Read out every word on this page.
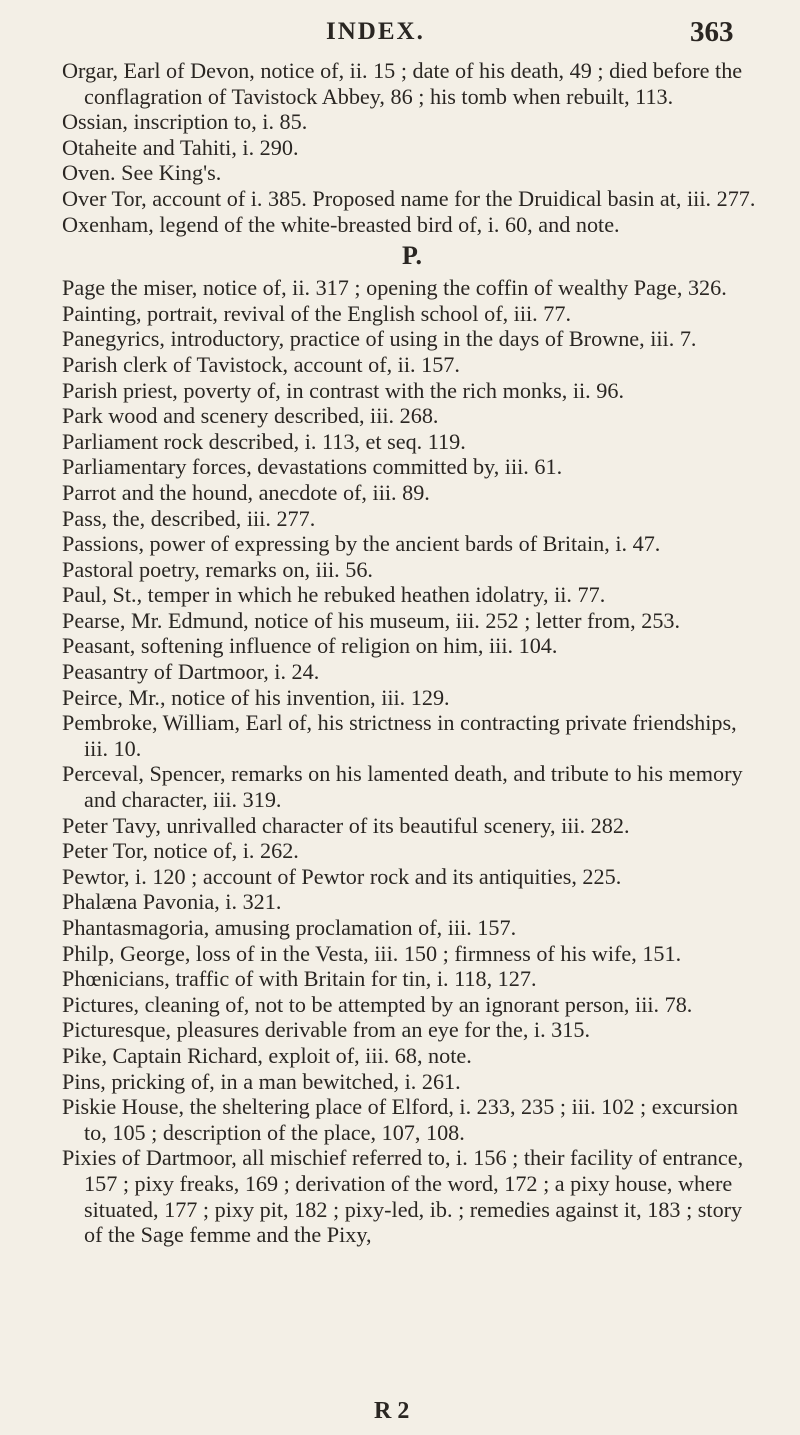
INDEX.	363
Orgar, Earl of Devon, notice of, ii. 15 ; date of his death, 49 ; died before the conflagration of Tavistock Abbey, 86 ; his tomb when rebuilt, 113.
Ossian, inscription to, i. 85.
Otaheite and Tahiti, i. 290.
Oven. See King's.
Over Tor, account of i. 385. Proposed name for the Druidical basin at, iii. 277.
Oxenham, legend of the white-breasted bird of, i. 60, and note.
P.
Page the miser, notice of, ii. 317 ; opening the coffin of wealthy Page, 326.
Painting, portrait, revival of the English school of, iii. 77.
Panegyrics, introductory, practice of using in the days of Browne, iii. 7.
Parish clerk of Tavistock, account of, ii. 157.
Parish priest, poverty of, in contrast with the rich monks, ii. 96.
Park wood and scenery described, iii. 268.
Parliament rock described, i. 113, et seq. 119.
Parliamentary forces, devastations committed by, iii. 61.
Parrot and the hound, anecdote of, iii. 89.
Pass, the, described, iii. 277.
Passions, power of expressing by the ancient bards of Britain, i. 47.
Pastoral poetry, remarks on, iii. 56.
Paul, St., temper in which he rebuked heathen idolatry, ii. 77.
Pearse, Mr. Edmund, notice of his museum, iii. 252 ; letter from, 253.
Peasant, softening influence of religion on him, iii. 104.
Peasantry of Dartmoor, i. 24.
Peirce, Mr., notice of his invention, iii. 129.
Pembroke, William, Earl of, his strictness in contracting private friendships, iii. 10.
Perceval, Spencer, remarks on his lamented death, and tribute to his memory and character, iii. 319.
Peter Tavy, unrivalled character of its beautiful scenery, iii. 282.
Peter Tor, notice of, i. 262.
Pewtor, i. 120 ; account of Pewtor rock and its antiquities, 225.
Phalæna Pavonia, i. 321.
Phantasmagoria, amusing proclamation of, iii. 157.
Philp, George, loss of in the Vesta, iii. 150 ; firmness of his wife, 151.
Phœnicians, traffic of with Britain for tin, i. 118, 127.
Pictures, cleaning of, not to be attempted by an ignorant person, iii. 78.
Picturesque, pleasures derivable from an eye for the, i. 315.
Pike, Captain Richard, exploit of, iii. 68, note.
Pins, pricking of, in a man bewitched, i. 261.
Piskie House, the sheltering place of Elford, i. 233, 235 ; iii. 102 ; excursion to, 105 ; description of the place, 107, 108.
Pixies of Dartmoor, all mischief referred to, i. 156 ; their facility of entrance, 157 ; pixy freaks, 169 ; derivation of the word, 172 ; a pixy house, where situated, 177 ; pixy pit, 182 ; pixy-led, ib. ; remedies against it, 183 ; story of the Sage femme and the Pixy,
R 2
